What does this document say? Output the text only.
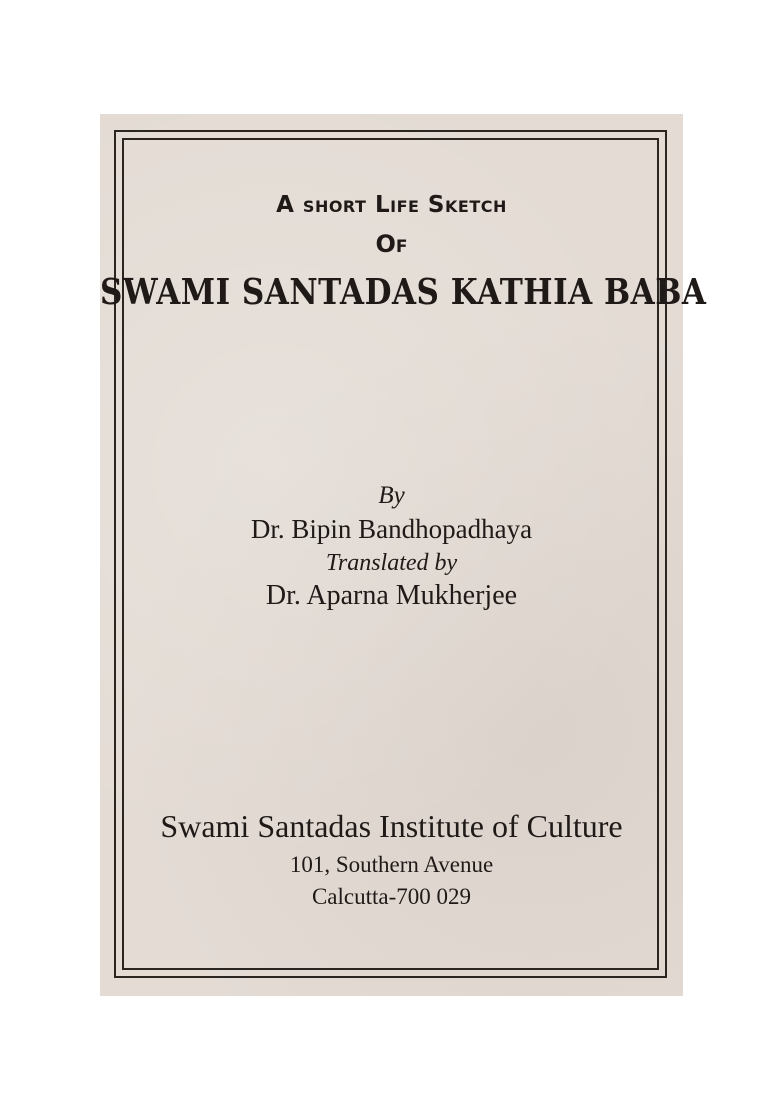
A short Life Sketch
Of
SWAMI SANTADAS KATHIA BABA
By
Dr. Bipin Bandhopadhaya
Translated by
Dr. Aparna Mukherjee
Swami Santadas Institute of Culture
101, Southern Avenue
Calcutta-700 029
